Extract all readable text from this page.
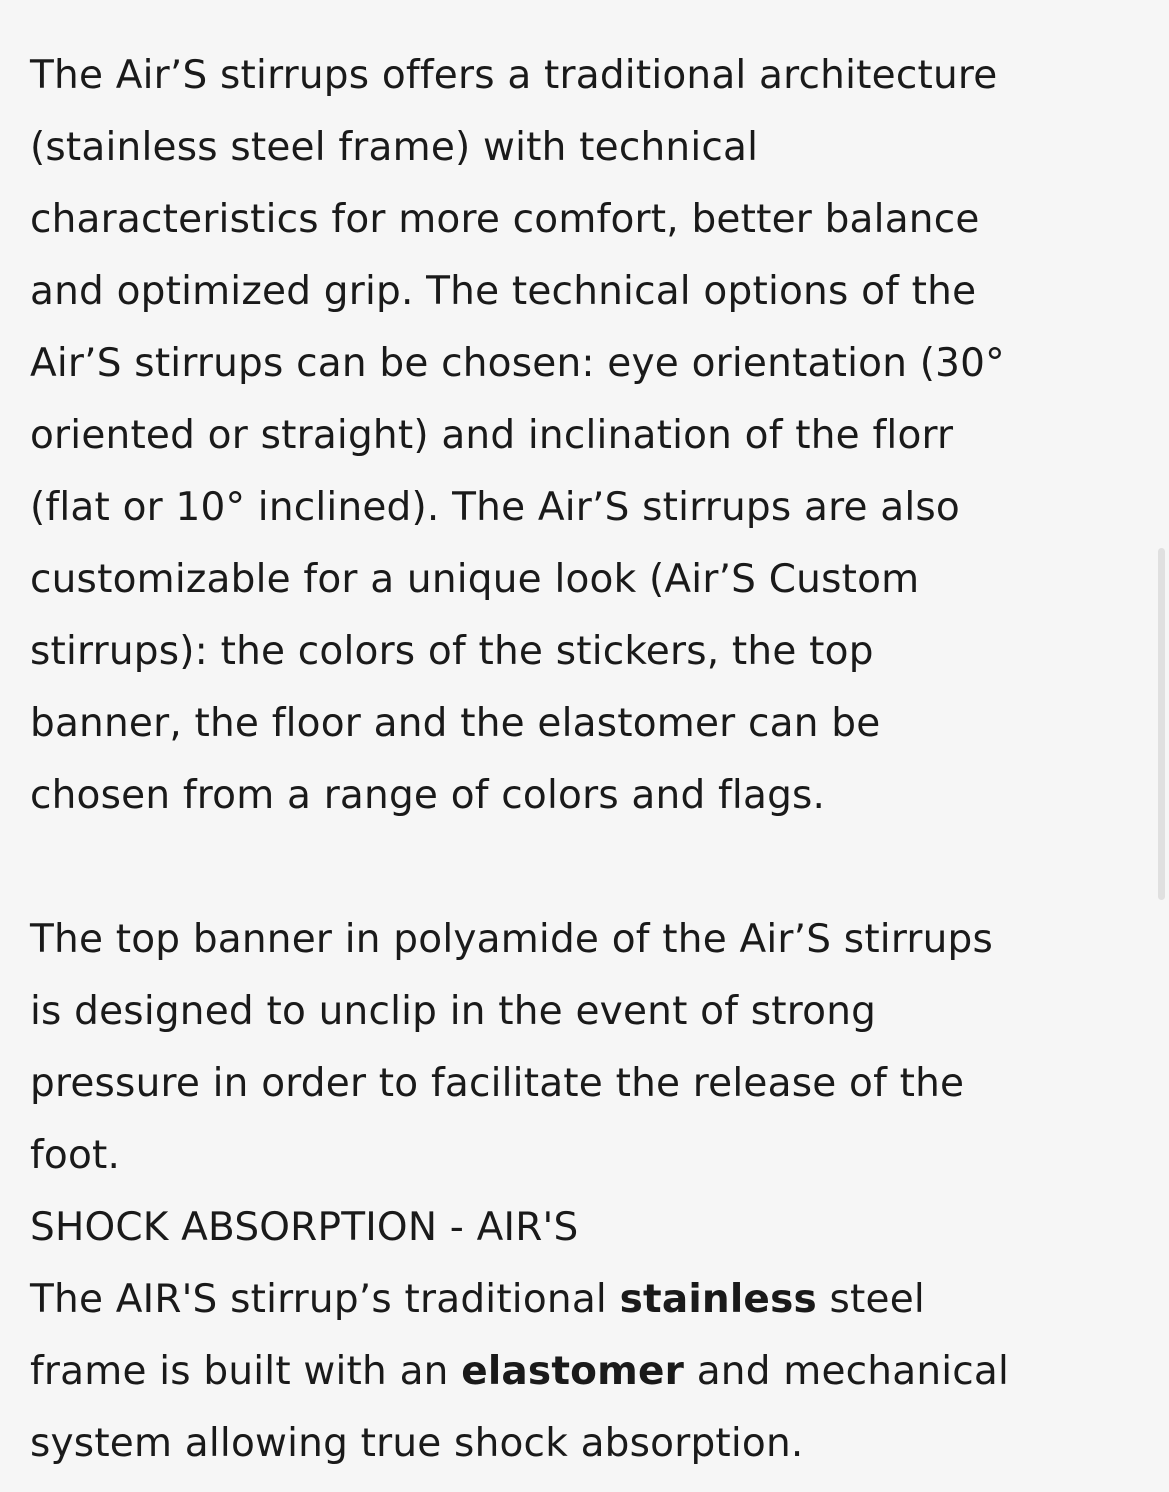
The Air’S stirrups offers a traditional architecture
(stainless steel frame) with technical
characteristics for more comfort, better balance
and optimized grip. The technical options of the
Air’S stirrups can be chosen: eye orientation (30°
oriented or straight) and inclination of the florr
(flat or 10° inclined). The Air’S stirrups are also
customizable for a unique look (Air’S Custom
stirrups): the colors of the stickers, the top
banner, the floor and the elastomer can be
chosen from a range of colors and flags.
The top banner in polyamide of the Air’S stirrups
is designed to unclip in the event of strong
pressure in order to facilitate the release of the
foot.
SHOCK ABSORPTION - AIR'S
The AIR'S stirrup’s traditional stainless steel
frame is built with an elastomer and mechanical
system allowing true shock absorption.
